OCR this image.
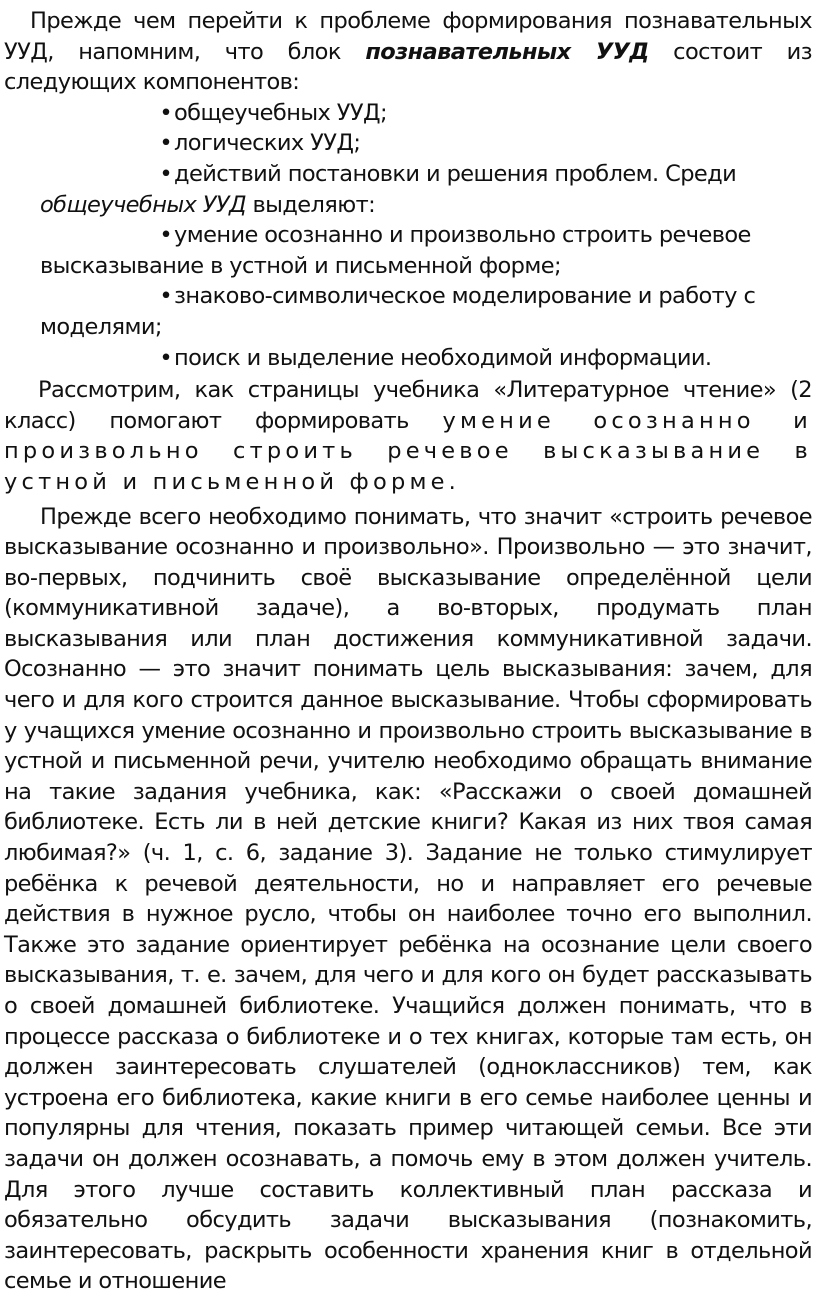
Прежде чем перейти к проблеме формирования познавательных УУД, напомним, что блок познавательных УУД состоит из следующих компонентов:

• общеучебных УУД;
• логических УУД;
• действий постановки и решения проблем. Среди

общеучебных УУД выделяют:

• умение осознанно и произвольно строить речевое

высказывание в устной и письменной форме;

• знаково-символическое моделирование и работу с

моделями;

• поиск и выделение необходимой информации.

Рассмотрим, как страницы учебника «Литературное чтение» (2 класс) помогают формировать умение осознанно и произвольно строить речевое высказывание в устной и письменной форме.

Прежде всего необходимо понимать, что значит «строить речевое высказывание осознанно и произвольно». Произвольно — это значит, во-первых, подчинить своё высказывание определённой цели (коммуникативной задаче), а во-вторых, продумать план высказывания или план достижения коммуникативной задачи. Осознанно — это значит понимать цель высказывания: зачем, для чего и для кого строится данное высказывание. Чтобы сформировать у учащихся умение осознанно и произвольно строить высказывание в устной и письменной речи, учителю необходимо обращать внимание на такие задания учебника, как: «Расскажи о своей домашней библиотеке. Есть ли в ней детские книги? Какая из них твоя самая любимая?» (ч. 1, с. 6, задание 3). Задание не только стимулирует ребёнка к речевой деятельности, но и направляет его речевые действия в нужное русло, чтобы он наиболее точно его выполнил. Также это задание ориентирует ребёнка на осознание цели своего высказывания, т. е. зачем, для чего и для кого он будет рассказывать о своей домашней библиотеке. Учащийся должен понимать, что в процессе рассказа о библиотеке и о тех книгах, которые там есть, он должен заинтересовать слушателей (одноклассников) тем, как устроена его библиотека, какие книги в его семье наиболее ценны и популярны для чтения, показать пример читающей семьи. Все эти задачи он должен осознавать, а помочь ему в этом должен учитель. Для этого лучше составить коллективный план рассказа и обязательно обсудить задачи высказывания (познакомить, заинтересовать, раскрыть особенности хранения книг в отдельной семье и отношение
